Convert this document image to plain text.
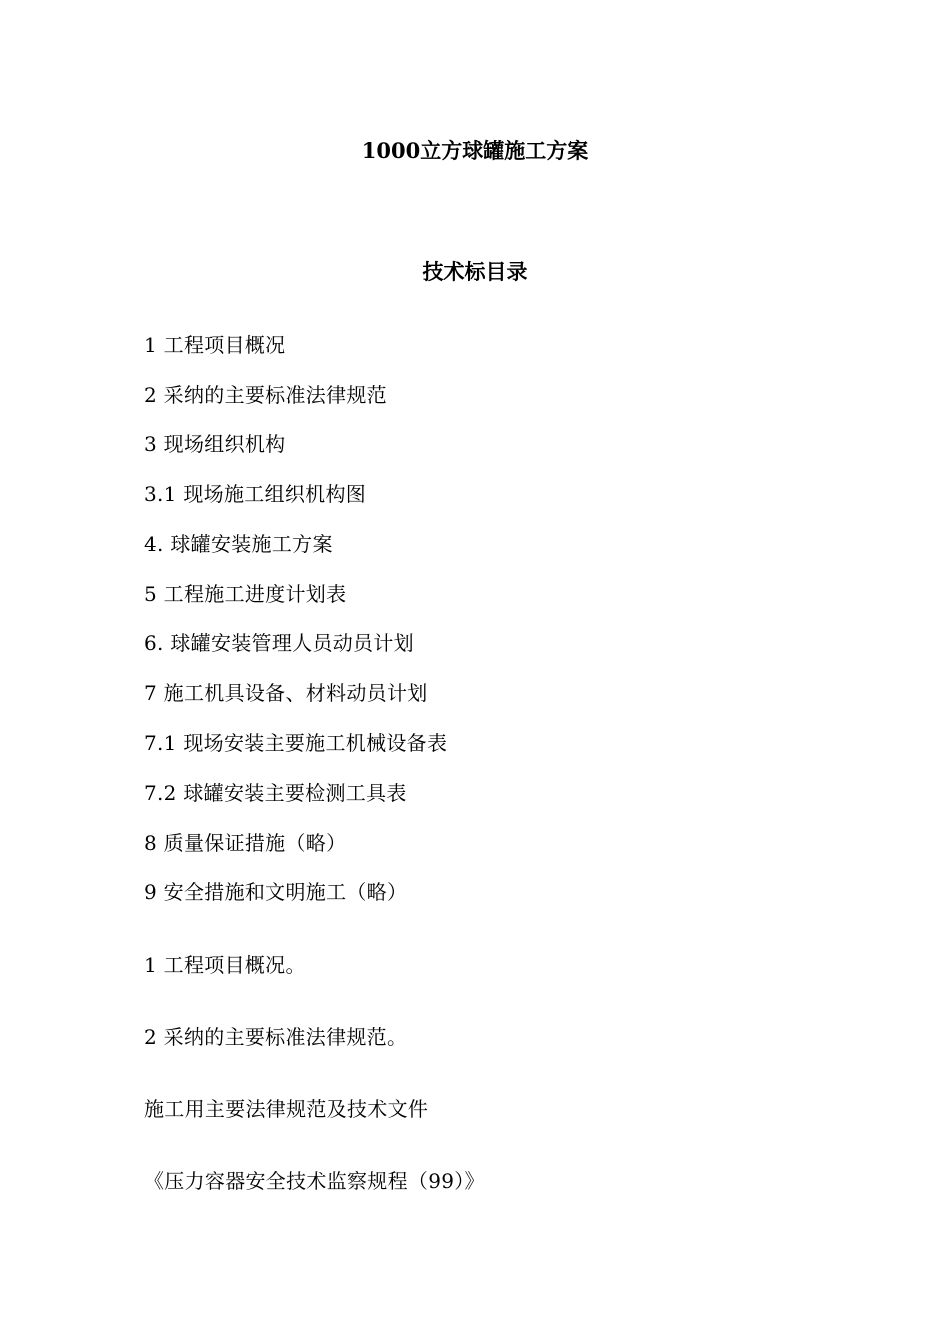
1000立方球罐施工方案
技术标目录
1 工程项目概况
2 采纳的主要标准法律规范
3 现场组织机构
3.1 现场施工组织机构图
4. 球罐安装施工方案
5 工程施工进度计划表
6. 球罐安装管理人员动员计划
7 施工机具设备、材料动员计划
7.1 现场安装主要施工机械设备表
7.2 球罐安装主要检测工具表
8 质量保证措施（略）
9 安全措施和文明施工（略）
1 工程项目概况。
2 采纳的主要标准法律规范。
施工用主要法律规范及技术文件
《压力容器安全技术监察规程（99）》
